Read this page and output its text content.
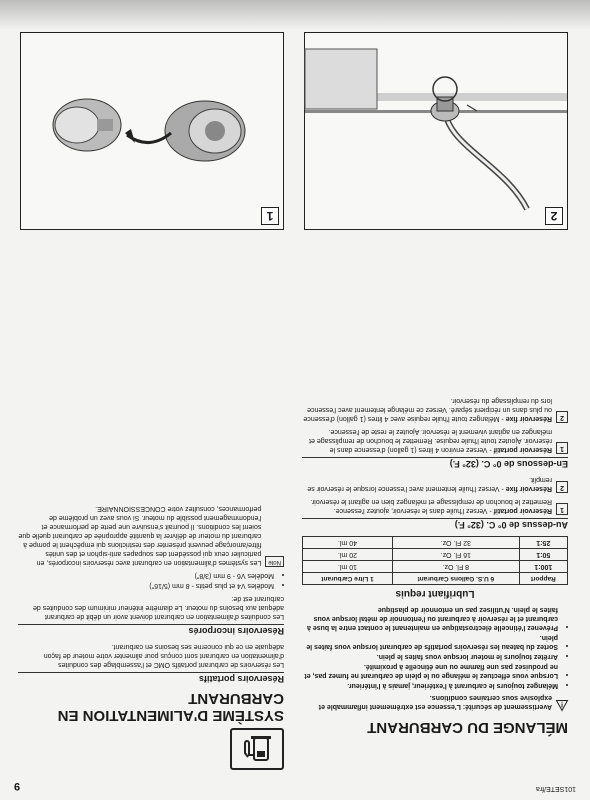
101SETE/fra
9
MÉLANGE DU CARBURANT
Avertissement de sécurité: L'essence est extrêmement inflammable et explosive sous certaines conditions.
• Mélangez toujours le carburant à l'extérieur, jamais à l'intérieur.
• Lorsque vous effectuez le mélange ou le plein de carburant ne fumez pas, et ne produisez pas une flamme ou une étincelle à proximité.
• Arrêtez toujours le moteur lorsque vous faites le plein.
• Sortez du bateau les réservoirs portatifs de carburant lorsque vous faites le plein.
• Prévenez l'étincelle électrostatique en maintenant le contact entre la buse à carburant et le réservoir à carburant ou l'entonnoir de métal lorsque vous faites le plein. N'utilisez pas un entonnoir de plastique
Lubrifiant requis
Rapport	6 U.S. Gallons Carburant	1 Litre Carburant
100:1	8 Fl. Oz.	10 ml.
50:1	16 Fl. Oz.	20 ml.
25:1	32 Fl. Oz.	40 ml.
Au-dessus de 0° C. (32° F.)
1
Réservoir portatif - Versez l'huile dans le réservoir, ajoutez l'essence. Remettez le bouchon de remplissage et mélangez bien en agitant le réservoir.
2
Réservoir fixe - Versez l'huile lentement avec l'essence lorsque le réservoir se remplit.
En-dessous de 0° C. (32° F.)
1
Réservoir portatif - Versez environ 4 litres (1 gallon) d'essence dans le réservoir. Ajoutez toute l'huile requise. Remettez le bouchon de remplissage et mélangez en agitant vivement le réservoir. Ajoutez le reste de l'essence.
2
Réservoir fixe - Mélangez toute l'huile requise avec 4 litres (1 gallon) d'essence ou plus dans un récipient séparé. Versez ce mélange lentement avec l'essence lors du remplissage du réservoir.
SYSTÈME D'ALIMENTATION EN CARBURANT
Réservoirs portatifs

Les réservoirs de carburant portatifs OMC et l'assemblage des conduites d'alimentation en carburant sont conçus pour alimenter votre moteur de façon adéquate en ce qui concerne ses besoins en carburant.

Réservoirs incorporés

Les conduites d'alimentation en carburant doivent avoir un débit de carburant adéquat aux besoins du moteur. Le diamètre intérieur minimum des conduites de carburant est de:

• Modèles V4 et plus petits - 8 mm (5/16")
• Modèles V6 - 9 mm (3/8")
Note
Les systèmes d'alimentation en carburant avec réservoirs incorporés, en particulier ceux qui possèdent des soupapes anti-siphon et des unités filtre/amorçage peuvent présenter des restrictions qui empêchent le pompe à carburant du moteur de délivrer la quantité appropriée de carburant quelle que soient les conditions. Il pourrait s'ensuivre une perte de performance et l'endommagement possible du moteur. Si vous avez un problème de performances, consultez votre CONCESSIONNAIRE.
2
1
